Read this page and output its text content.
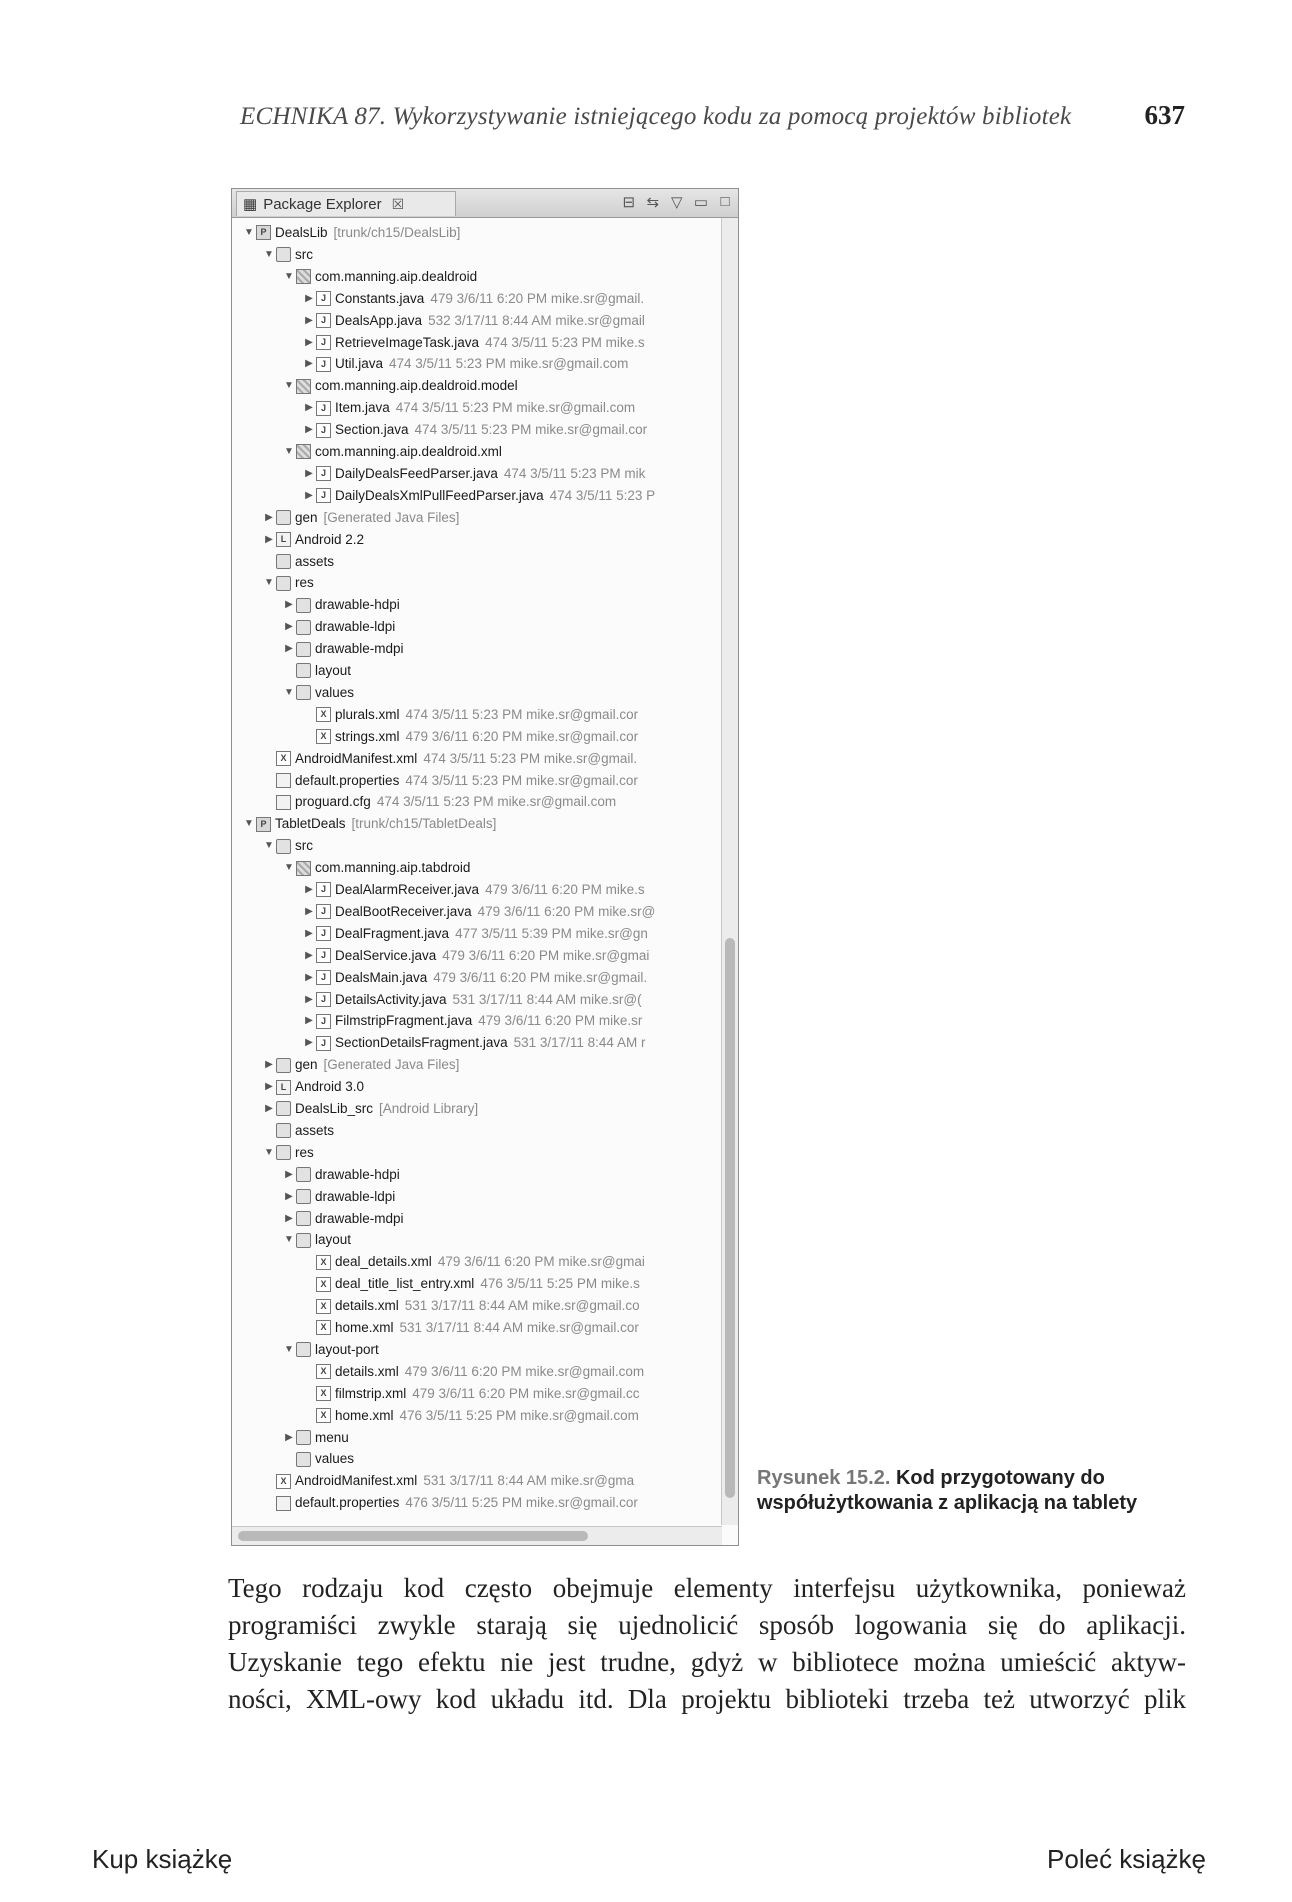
ECHNIKA 87. Wykorzystywanie istniejącego kodu za pomocą projektów bibliotek	637
▦ Package Explorer ☒	⊟ ⇆ ▽ ▭ □
▼ P DealsLib [trunk/ch15/DealsLib]
▼ src
▼ com.manning.aip.dealdroid
▶ J Constants.java 479 3/6/11 6:20 PM mike.sr@gmail.
▶ J DealsApp.java 532 3/17/11 8:44 AM mike.sr@gmail
▶ J RetrieveImageTask.java 474 3/5/11 5:23 PM mike.s
▶ J Util.java 474 3/5/11 5:23 PM mike.sr@gmail.com
▼ com.manning.aip.dealdroid.model
▶ J Item.java 474 3/5/11 5:23 PM mike.sr@gmail.com
▶ J Section.java 474 3/5/11 5:23 PM mike.sr@gmail.cor
▼ com.manning.aip.dealdroid.xml
▶ J DailyDealsFeedParser.java 474 3/5/11 5:23 PM mik
▶ J DailyDealsXmlPullFeedParser.java 474 3/5/11 5:23 P
▶ gen [Generated Java Files]
▶ L Android 2.2
assets
▼ res
▶ drawable-hdpi
▶ drawable-ldpi
▶ drawable-mdpi
layout
▼ values
X plurals.xml 474 3/5/11 5:23 PM mike.sr@gmail.cor
X strings.xml 479 3/6/11 6:20 PM mike.sr@gmail.cor
X AndroidManifest.xml 474 3/5/11 5:23 PM mike.sr@gmail.
default.properties 474 3/5/11 5:23 PM mike.sr@gmail.cor
proguard.cfg 474 3/5/11 5:23 PM mike.sr@gmail.com
▼ P TabletDeals [trunk/ch15/TabletDeals]
▼ src
▼ com.manning.aip.tabdroid
▶ J DealAlarmReceiver.java 479 3/6/11 6:20 PM mike.s
▶ J DealBootReceiver.java 479 3/6/11 6:20 PM mike.sr@
▶ J DealFragment.java 477 3/5/11 5:39 PM mike.sr@gn
▶ J DealService.java 479 3/6/11 6:20 PM mike.sr@gmai
▶ J DealsMain.java 479 3/6/11 6:20 PM mike.sr@gmail.
▶ J DetailsActivity.java 531 3/17/11 8:44 AM mike.sr@(
▶ J FilmstripFragment.java 479 3/6/11 6:20 PM mike.sr
▶ J SectionDetailsFragment.java 531 3/17/11 8:44 AM r
▶ gen [Generated Java Files]
▶ L Android 3.0
▶ DealsLib_src [Android Library]
assets
▼ res
▶ drawable-hdpi
▶ drawable-ldpi
▶ drawable-mdpi
▼ layout
X deal_details.xml 479 3/6/11 6:20 PM mike.sr@gmai
X deal_title_list_entry.xml 476 3/5/11 5:25 PM mike.s
X details.xml 531 3/17/11 8:44 AM mike.sr@gmail.co
X home.xml 531 3/17/11 8:44 AM mike.sr@gmail.cor
▼ layout-port
X details.xml 479 3/6/11 6:20 PM mike.sr@gmail.com
X filmstrip.xml 479 3/6/11 6:20 PM mike.sr@gmail.cc
X home.xml 476 3/5/11 5:25 PM mike.sr@gmail.com
▶ menu
values
X AndroidManifest.xml 531 3/17/11 8:44 AM mike.sr@gma
default.properties 476 3/5/11 5:25 PM mike.sr@gmail.cor
Rysunek 15.2. Kod przygotowany do współużytkowania z aplikacją na tablety
Tego rodzaju kod często obejmuje elementy interfejsu użytkownika, ponieważ
programiści zwykle starają się ujednolicić sposób logowania się do aplikacji.
Uzyskanie tego efektu nie jest trudne, gdyż w bibliotece można umieścić aktyw-
ności, XML-owy kod układu itd. Dla projektu biblioteki trzeba też utworzyć plik
Kup książkę	Poleć książkę
